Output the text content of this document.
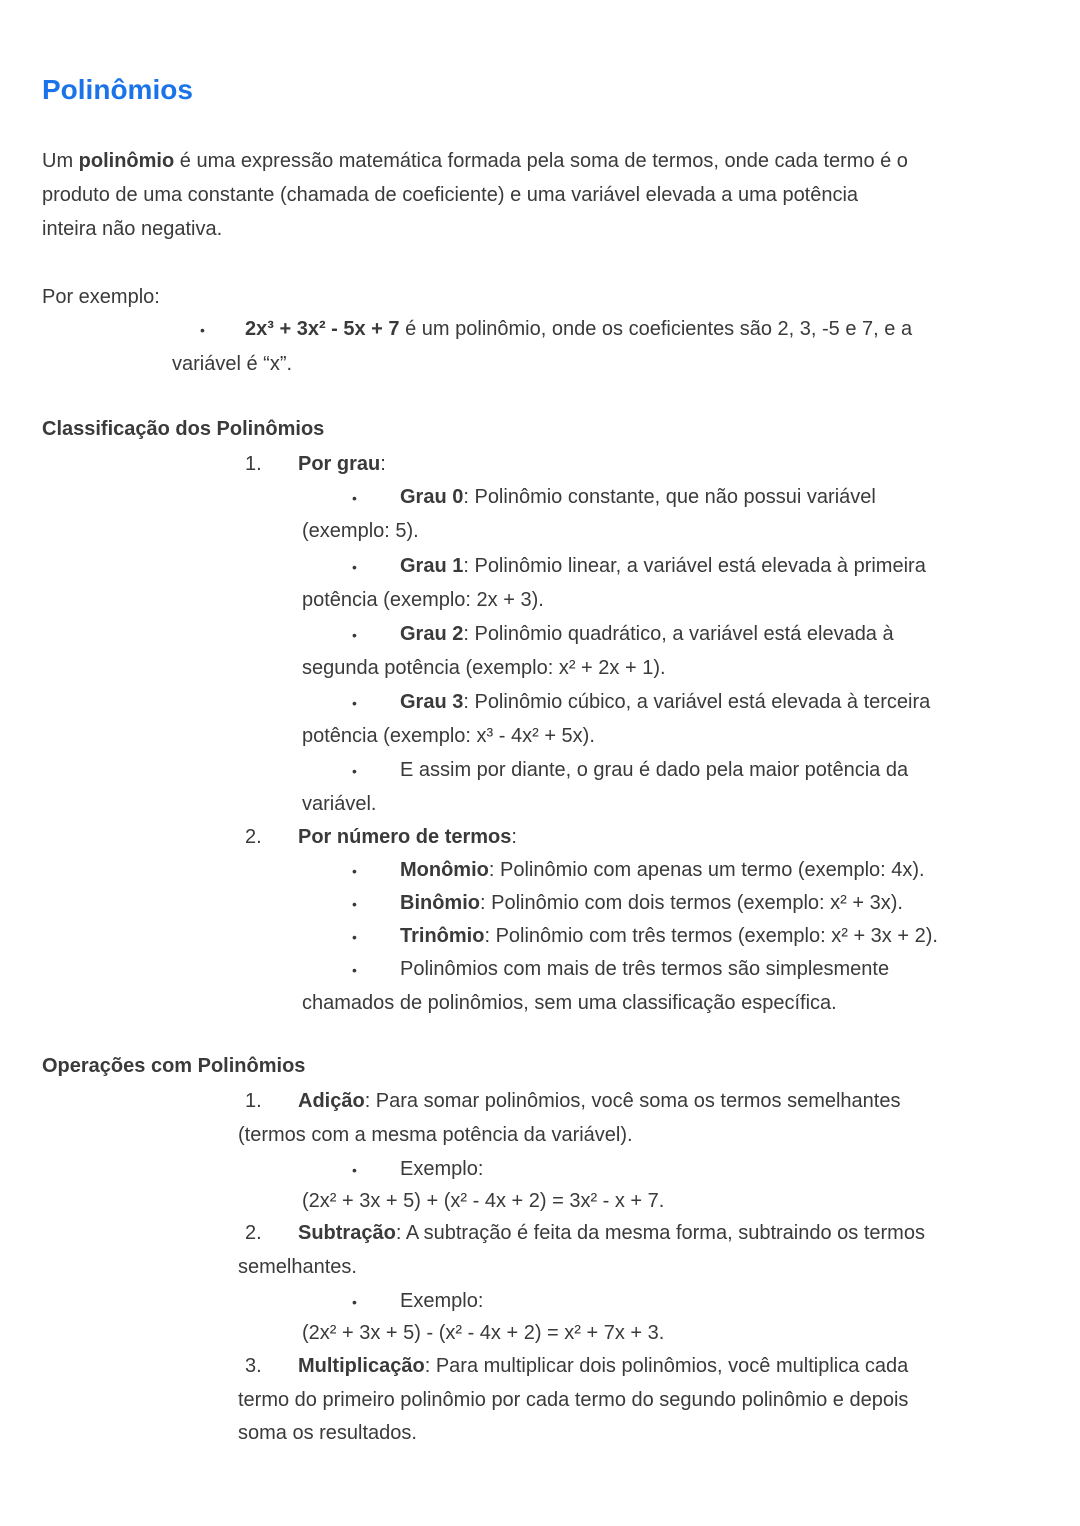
Polinômios
Um polinômio é uma expressão matemática formada pela soma de termos, onde cada termo é o
produto de uma constante (chamada de coeficiente) e uma variável elevada a uma potência
inteira não negativa.
Por exemplo:
• 2x³ + 3x² - 5x + 7 é um polinômio, onde os coeficientes são 2, 3, -5 e 7, e a
variável é “x”.
Classificação dos Polinômios
1. Por grau:
• Grau 0: Polinômio constante, que não possui variável
(exemplo: 5).
• Grau 1: Polinômio linear, a variável está elevada à primeira
potência (exemplo: 2x + 3).
• Grau 2: Polinômio quadrático, a variável está elevada à
segunda potência (exemplo: x² + 2x + 1).
• Grau 3: Polinômio cúbico, a variável está elevada à terceira
potência (exemplo: x³ - 4x² + 5x).
• E assim por diante, o grau é dado pela maior potência da
variável.
2. Por número de termos:
• Monômio: Polinômio com apenas um termo (exemplo: 4x).
• Binômio: Polinômio com dois termos (exemplo: x² + 3x).
• Trinômio: Polinômio com três termos (exemplo: x² + 3x + 2).
• Polinômios com mais de três termos são simplesmente
chamados de polinômios, sem uma classificação específica.
Operações com Polinômios
1. Adição: Para somar polinômios, você soma os termos semelhantes
(termos com a mesma potência da variável).
• Exemplo:
(2x² + 3x + 5) + (x² - 4x + 2) = 3x² - x + 7.
2. Subtração: A subtração é feita da mesma forma, subtraindo os termos
semelhantes.
• Exemplo:
(2x² + 3x + 5) - (x² - 4x + 2) = x² + 7x + 3.
3. Multiplicação: Para multiplicar dois polinômios, você multiplica cada
termo do primeiro polinômio por cada termo do segundo polinômio e depois
soma os resultados.
